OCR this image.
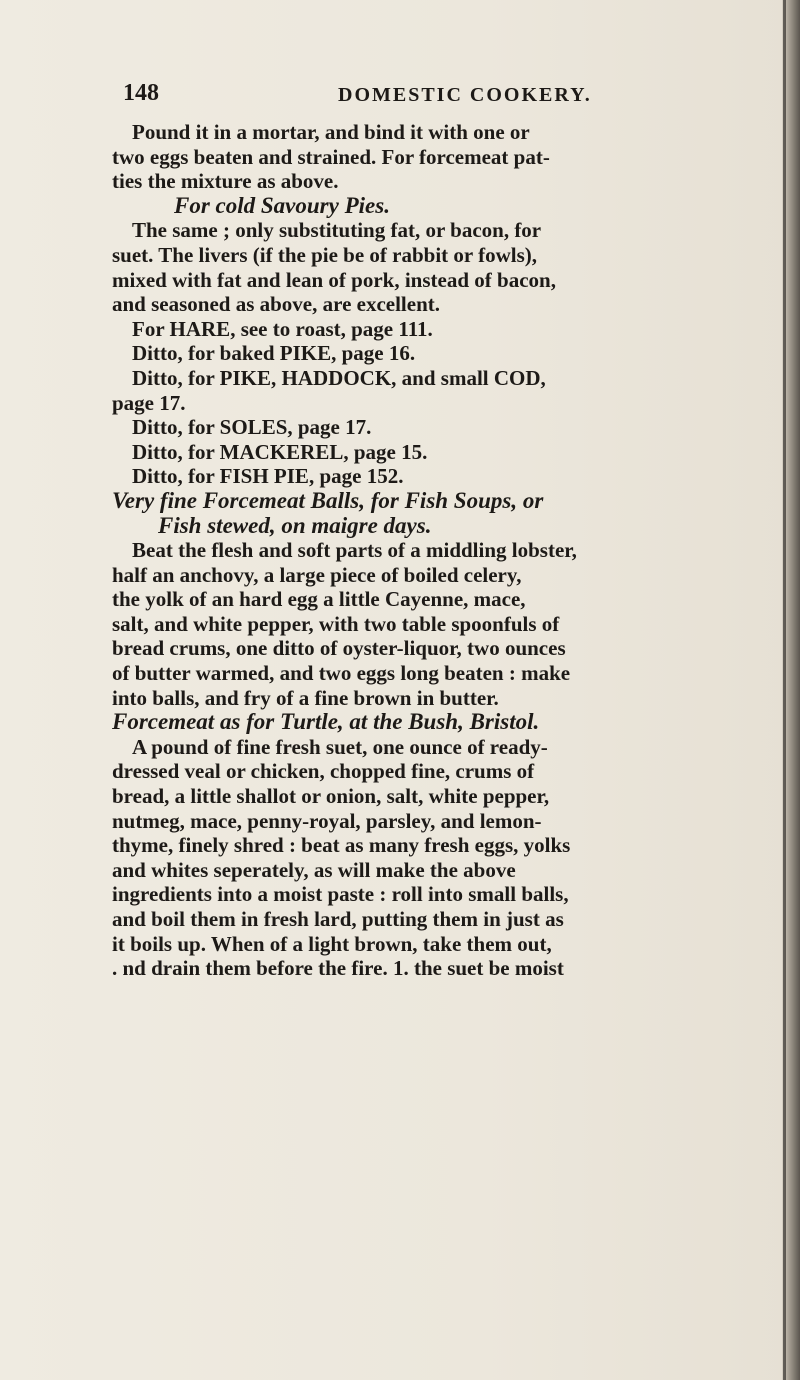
148	DOMESTIC COOKERY.
Pound it in a mortar, and bind it with one or
two eggs beaten and strained. For forcemeat pat-
ties the mixture as above.
For cold Savoury Pies.
The same ; only substituting fat, or bacon, for
suet. The livers (if the pie be of rabbit or fowls),
mixed with fat and lean of pork, instead of bacon,
and seasoned as above, are excellent.
For HARE, see to roast, page 111.
Ditto, for baked PIKE, page 16.
Ditto, for PIKE, HADDOCK, and small COD,
page 17.
Ditto, for SOLES, page 17.
Ditto, for MACKEREL, page 15.
Ditto, for FISH PIE, page 152.
Very fine Forcemeat Balls, for Fish Soups, or
Fish stewed, on maigre days.
Beat the flesh and soft parts of a middling lobster,
half an anchovy, a large piece of boiled celery,
the yolk of an hard egg a little Cayenne, mace,
salt, and white pepper, with two table spoonfuls of
bread crums, one ditto of oyster-liquor, two ounces
of butter warmed, and two eggs long beaten : make
into balls, and fry of a fine brown in butter.
Forcemeat as for Turtle, at the Bush, Bristol.
A pound of fine fresh suet, one ounce of ready-
dressed veal or chicken, chopped fine, crums of
bread, a little shallot or onion, salt, white pepper,
nutmeg, mace, penny-royal, parsley, and lemon-
thyme, finely shred : beat as many fresh eggs, yolks
and whites seperately, as will make the above
ingredients into a moist paste : roll into small balls,
and boil them in fresh lard, putting them in just as
it boils up. When of a light brown, take them out,
. nd drain them before the fire. 1. the suet be moist
